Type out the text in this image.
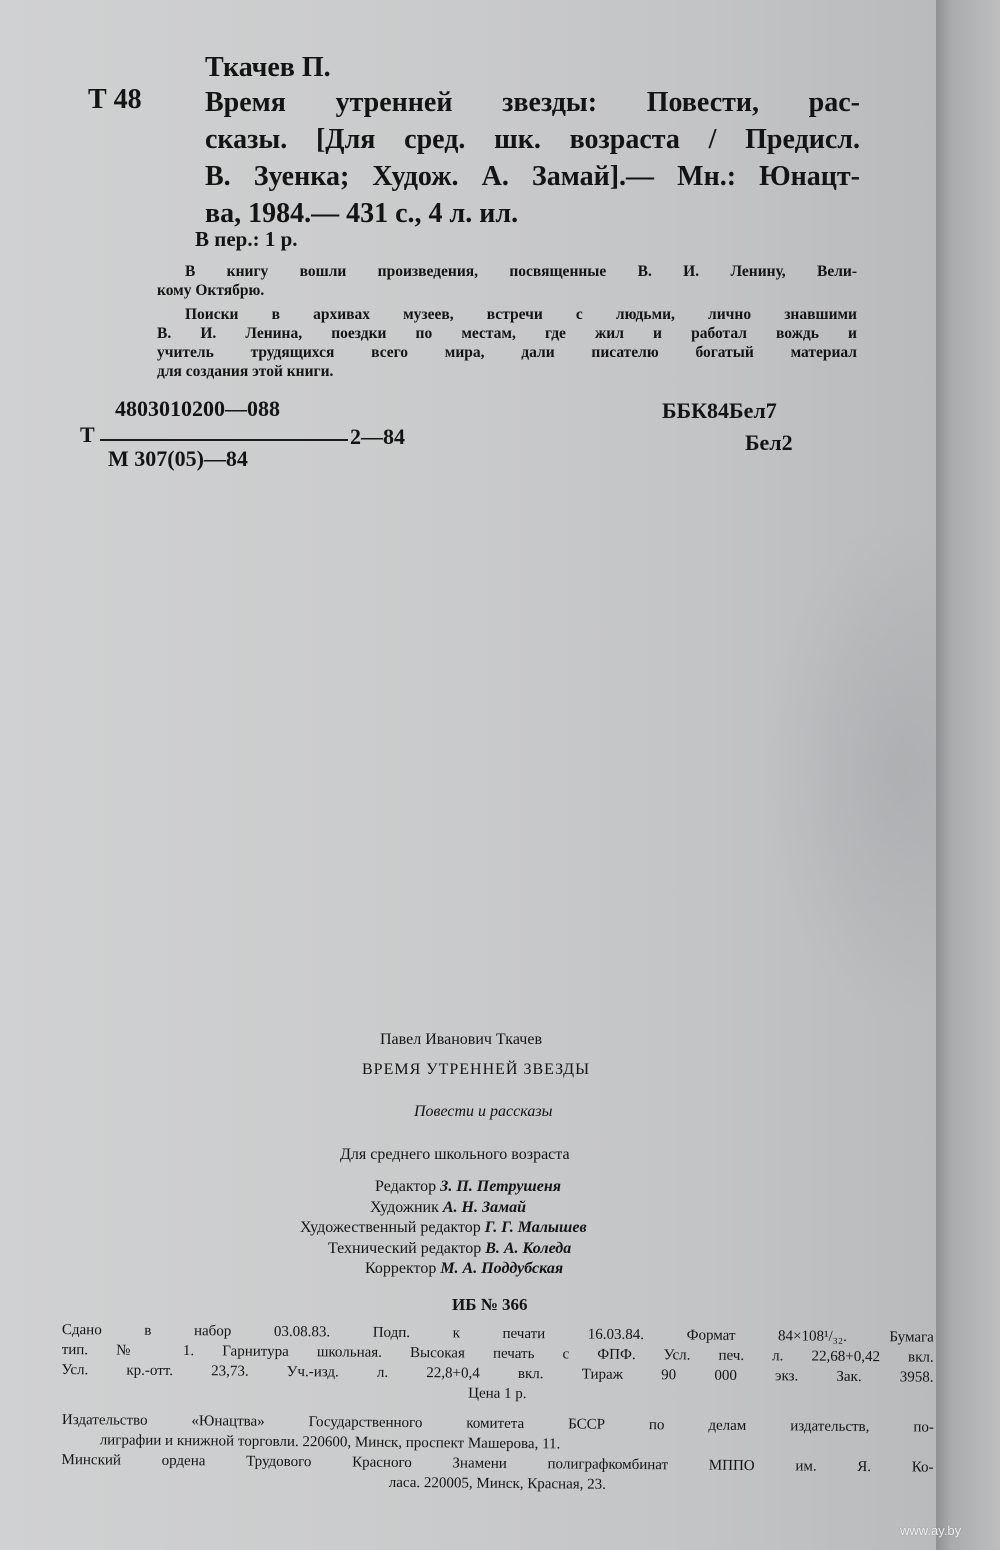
Ткачев П.
Т 48 Время утренней звезды: Повести, рас-
сказы. [Для сред. шк. возраста / Предисл.
В. Зуенка; Худож. А. Замай].— Мн.: Юнацт-
ва, 1984.— 431 с., 4 л. ил.
В пер.: 1 р.
В книгу вошли произведения, посвященные В. И. Ленину, Вели-
кому Октябрю.
Поиски в архивах музеев, встречи с людьми, лично знавшими
В. И. Ленина, поездки по местам, где жил и работал вождь и
учитель трудящихся всего мира, дали писателю богатый материал
для создания этой книги.
4803010200—088
Т	2—84
М 307(05)—84
ББК84Бел7
Бел2
Павел Иванович Ткачев
ВРЕМЯ УТРЕННЕЙ ЗВЕЗДЫ
Повести и рассказы
Для среднего школьного возраста
Редактор З. П. Петрушеня
Художник А. Н. Замай
Художественный редактор Г. Г. Малышев
Технический редактор В. А. Коледа
Корректор М. А. Поддубская
ИБ № 366
Сдано в набор 03.08.83. Подп. к печати 16.03.84. Формат 84×108¹/₃₂. Бумага
тип. № 1. Гарнитура школьная. Высокая печать с ФПФ. Усл. печ. л. 22,68+0,42 вкл.
Усл. кр.-отт. 23,73. Уч.-изд. л. 22,8+0,4 вкл. Тираж 90 000 экз. Зак. 3958.
Цена 1 р.
Издательство «Юнацтва» Государственного комитета БССР по делам издательств, по-
лиграфии и книжной торговли. 220600, Минск, проспект Машерова, 11.
Минский ордена Трудового Красного Знамени полиграфкомбинат МППО им. Я. Ко-
ласа. 220005, Минск, Красная, 23.
www.ay.by
